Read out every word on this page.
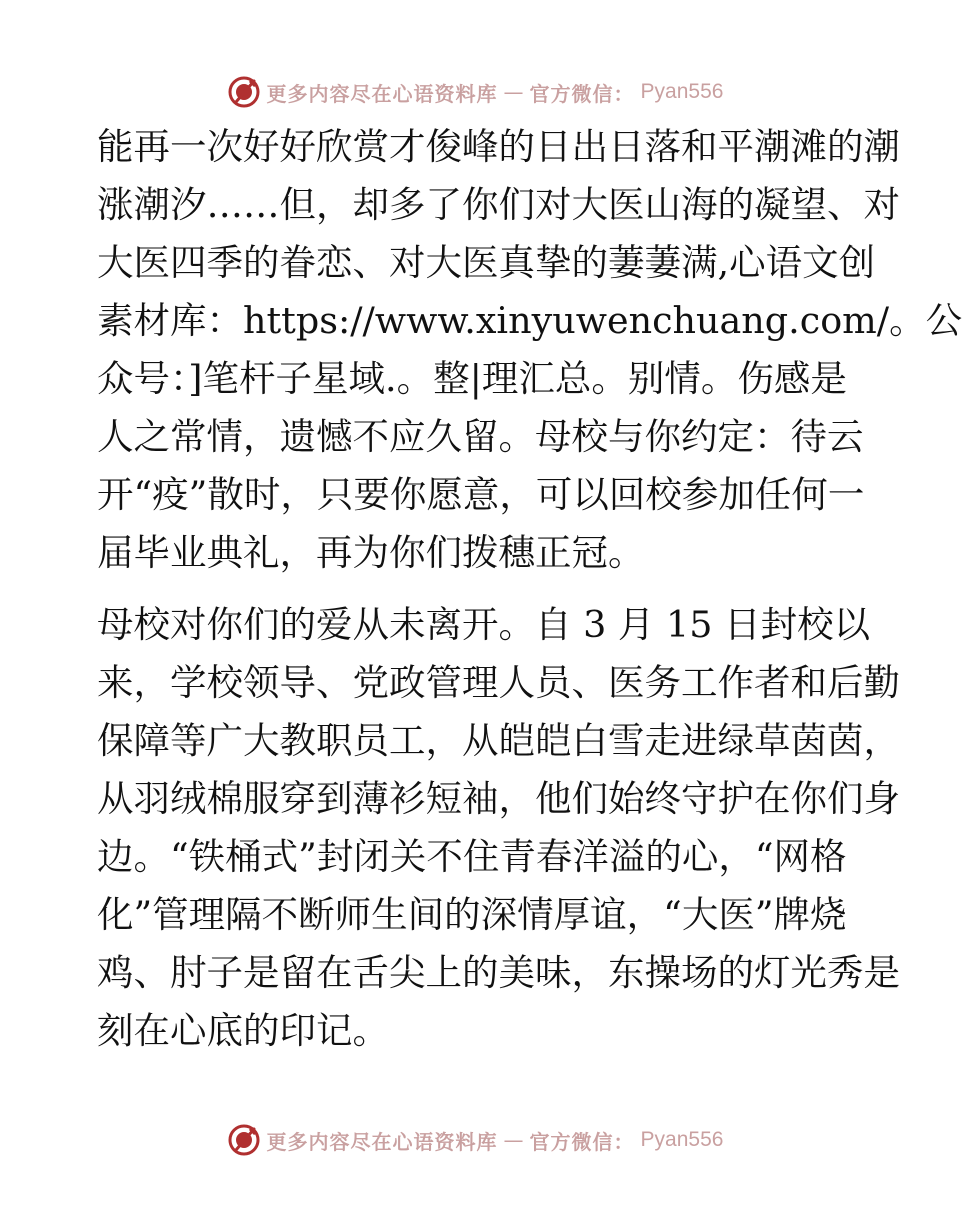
更多内容尽在心语资料库 — 官方微信： Pyan556
能再一次好好欣赏才俊峰的日出日落和平潮滩的潮
涨潮汐……但，却多了你们对大医山海的凝望、对
大医四季的眷恋、对大医真挚的萋萋满,心语文创
素材库：https://www.xinyuwenchuang.com/。公
众号：]笔杆子星域.。整|理汇总。别情。伤感是
人之常情，遗憾不应久留。母校与你约定：待云
开“疫”散时，只要你愿意，可以回校参加任何一
届毕业典礼，再为你们拨穗正冠。
母校对你们的爱从未离开。自 3 月 15 日封校以
来，学校领导、党政管理人员、医务工作者和后勤
保障等广大教职员工，从皑皑白雪走进绿草茵茵，
从羽绒棉服穿到薄衫短袖，他们始终守护在你们身
边。“铁桶式”封闭关不住青春洋溢的心，“网格
化”管理隔不断师生间的深情厚谊，“大医”牌烧
鸡、肘子是留在舌尖上的美味，东操场的灯光秀是
刻在心底的印记。
更多内容尽在心语资料库 — 官方微信： Pyan556
